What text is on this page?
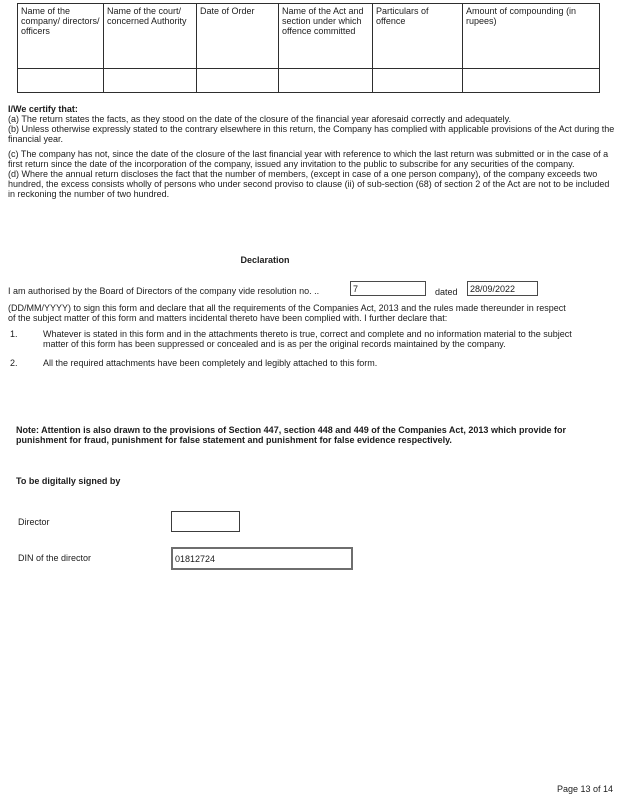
Name of the company/ directors/ officers	Name of the court/ concerned Authority	Date of Order	Name of the Act and section under which offence committed	Particulars of offence	Amount of compounding (in rupees)

I/We certify that:

(a) The return states the facts, as they stood on the date of the closure of the financial year aforesaid correctly and adequately.

(b) Unless otherwise expressly stated to the contrary elsewhere in this return, the Company has complied with applicable provisions of the Act during the financial year.

(c) The company has not, since the date of the closure of the last financial year with reference to which the last return was submitted or in the case of a first return since the date of the incorporation of the company, issued any invitation to the public to subscribe for any securities of the company.

(d) Where the annual return discloses the fact that the number of members, (except in case of a one person company), of the company exceeds two hundred, the excess consists wholly of persons who under second proviso to clause (ii) of sub-section (68) of section 2 of the Act are not to be included in reckoning the number of two hundred.

Declaration
I am authorised by the Board of Directors of the company vide resolution no. ..
7	dated
28/09/2022
(DD/MM/YYYY) to sign this form and declare that all the requirements of the Companies Act, 2013 and the rules made thereunder in respect of the subject matter of this form and matters incidental thereto have been complied with. I further declare that:
1.	Whatever is stated in this form and in the attachments thereto is true, correct and complete and no information material to the subject matter of this form has been suppressed or concealed and is as per the original records maintained by the company.
2.	All the required attachments have been completely and legibly attached to this form.
Note: Attention is also drawn to the provisions of Section 447, section 448 and 449 of the Companies Act, 2013 which provide for punishment for fraud, punishment for false statement and punishment for false evidence respectively.
To be digitally signed by
Director
DIN of the director
01812724
Page 13 of 14
